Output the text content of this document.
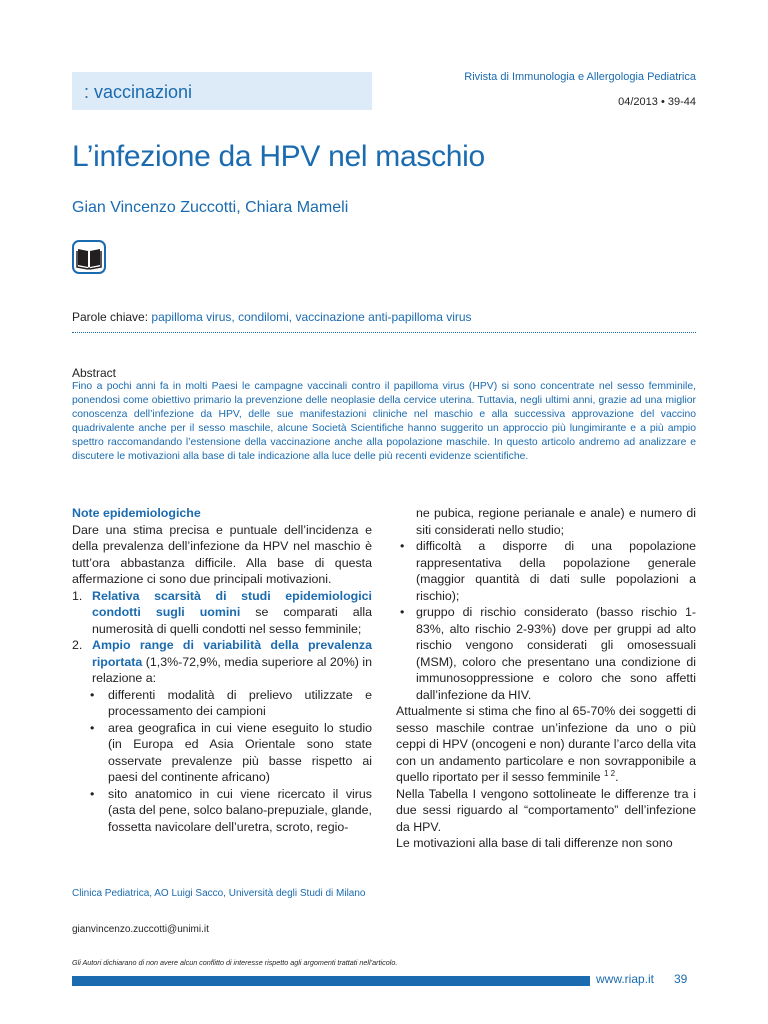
: vaccinazioni
Rivista di Immunologia e Allergologia Pediatrica
04/2013 • 39-44
L’infezione da HPV nel maschio
Gian Vincenzo Zuccotti, Chiara Mameli
Parole chiave: papilloma virus, condilomi, vaccinazione anti-papilloma virus
Abstract
Fino a pochi anni fa in molti Paesi le campagne vaccinali contro il papilloma virus (HPV) si sono concentrate nel sesso femminile, ponendosi come obiettivo primario la prevenzione delle neoplasie della cervice uterina. Tuttavia, negli ultimi anni, grazie ad una miglior conoscenza dell’infezione da HPV, delle sue manifestazioni cliniche nel maschio e alla successiva approvazione del vaccino quadrivalente anche per il sesso maschile, alcune Società Scientifiche hanno suggerito un approccio più lungimirante e a più ampio spettro raccomandando l’estensione della vaccinazione anche alla popolazione maschile. In questo articolo andremo ad analizzare e discutere le motivazioni alla base di tale indicazione alla luce delle più recenti evidenze scientifiche.

Note epidemiologiche

Dare una stima precisa e puntuale dell’incidenza e della prevalenza dell’infezione da HPV nel maschio è tutt’ora abbastanza difficile. Alla base di questa affermazione ci sono due principali motivazioni.

1. Relativa scarsità di studi epidemiologici condotti sugli uomini se comparati alla numerosità di quelli condotti nel sesso femminile;
2. Ampio range di variabilità della prevalenza riportata (1,3%-72,9%, media superiore al 20%) in relazione a:
• differenti modalità di prelievo utilizzate e processamento dei campioni
• area geografica in cui viene eseguito lo studio (in Europa ed Asia Orientale sono state osservate prevalenze più basse rispetto ai paesi del continente africano)
• sito anatomico in cui viene ricercato il virus (asta del pene, solco balano-prepuziale, glande, fossetta navicolare dell’uretra, scroto, regio-

ne pubica, regione perianale e anale) e numero di siti considerati nello studio;

• difficoltà a disporre di una popolazione rappresentativa della popolazione generale (maggior quantità di dati sulle popolazioni a rischio);
• gruppo di rischio considerato (basso rischio 1-83%, alto rischio 2-93%) dove per gruppi ad alto rischio vengono considerati gli omosessuali (MSM), coloro che presentano una condizione di immunosoppressione e coloro che sono affetti dall’infezione da HIV.

Attualmente si stima che fino al 65-70% dei soggetti di sesso maschile contrae un’infezione da uno o più ceppi di HPV (oncogeni e non) durante l’arco della vita con un andamento particolare e non sovrapponibile a quello riportato per il sesso femminile $^{1 2}$.

Nella Tabella I vengono sottolineate le differenze tra i due sessi riguardo al “comportamento” dell’infezione da HPV.

Le motivazioni alla base di tali differenze non sono

Clinica Pediatrica, AO Luigi Sacco, Università degli Studi di Milano
gianvincenzo.zuccotti@unimi.it
Gli Autori dichiarano di non avere alcun conflitto di interesse rispetto agli argomenti trattati nell’articolo.
www.riap.it 39
